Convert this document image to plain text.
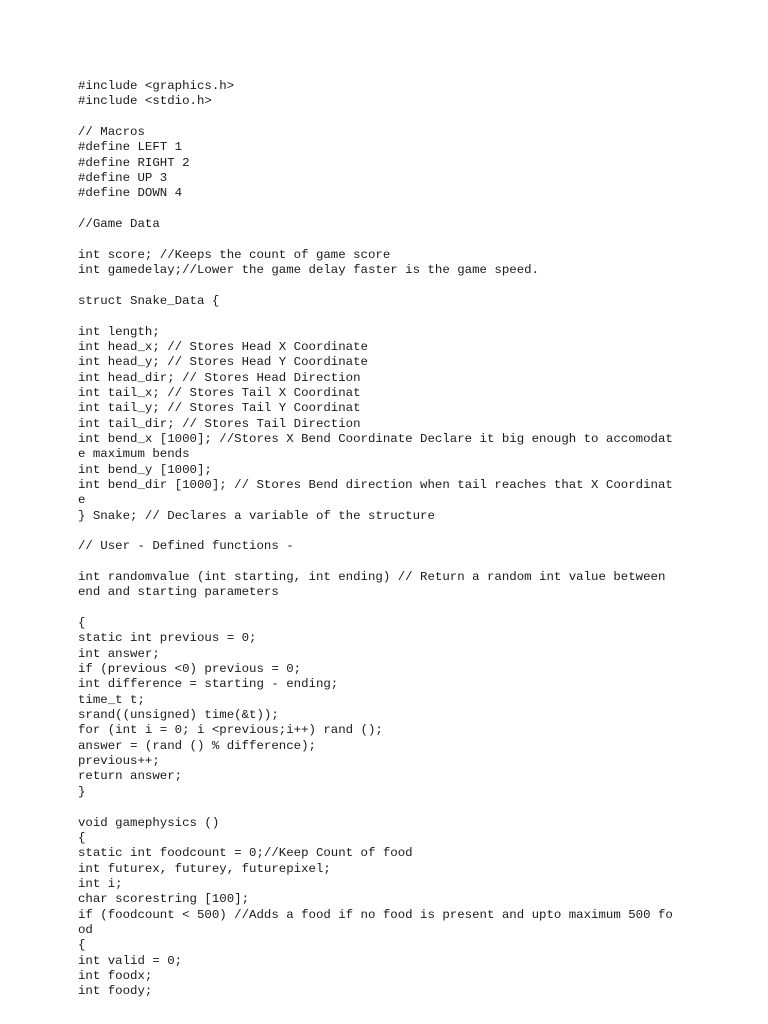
#include <graphics.h>
#include <stdio.h>
// Macros
#define LEFT 1
#define RIGHT 2
#define UP 3
#define DOWN 4
//Game Data
int score; //Keeps the count of game score
int gamedelay;//Lower the game delay faster is the game speed.
struct Snake_Data {
int length;
int head_x; // Stores Head X Coordinate
int head_y; // Stores Head Y Coordinate
int head_dir; // Stores Head Direction
int tail_x; // Stores Tail X Coordinat
int tail_y; // Stores Tail Y Coordinat
int tail_dir; // Stores Tail Direction
int bend_x [1000]; //Stores X Bend Coordinate Declare it big enough to accomodat
e maximum bends
int bend_y [1000];
int bend_dir [1000]; // Stores Bend direction when tail reaches that X Coordinat
e
} Snake; // Declares a variable of the structure
// User - Defined functions -
int randomvalue (int starting, int ending) // Return a random int value between
end and starting parameters
{
static int previous = 0;
int answer;
if (previous <0) previous = 0;
int difference = starting - ending;
time_t t;
srand((unsigned) time(&t));
for (int i = 0; i <previous;i++) rand ();
answer = (rand () % difference);
previous++;
return answer;
}
void gamephysics ()
{
static int foodcount = 0;//Keep Count of food
int futurex, futurey, futurepixel;
int i;
char scorestring [100];
if (foodcount < 500) //Adds a food if no food is present and upto maximum 500 fo
od
{
int valid = 0;
int foodx;
int foody;
